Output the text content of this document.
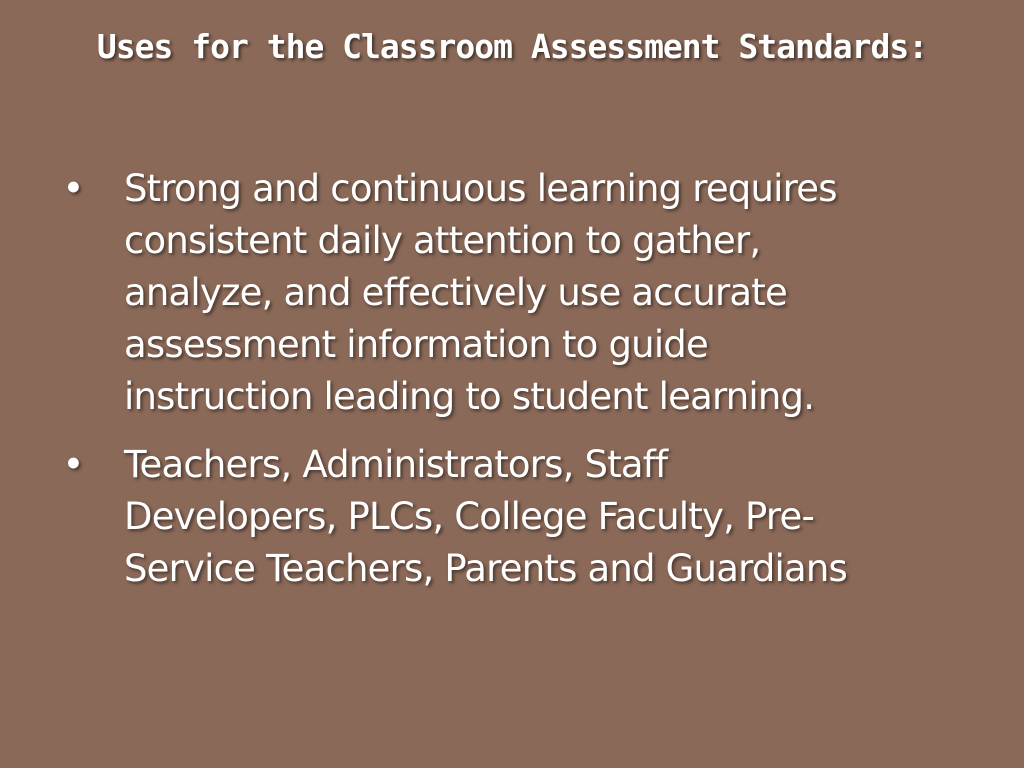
Uses for the Classroom Assessment Standards:
• Strong and continuous learning requires consistent daily attention to gather, analyze, and effectively use accurate assessment information to guide instruction leading to student learning.
• Teachers, Administrators, Staff Developers, PLCs, College Faculty, Pre-Service Teachers, Parents and Guardians
